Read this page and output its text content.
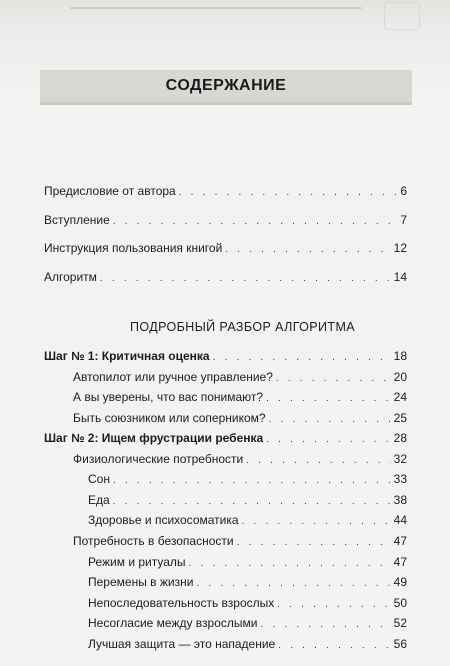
━━━━━━━━━━━━━━━━━━━━━━━━━━━━━━━━━━━━━━━━━━━━
СОДЕРЖАНИЕ
Предисловие от автора . . .	6
Вступление . . .	7
Инструкция пользования книгой . . .	12
Алгоритм . . .	14
Шаг № 1: Критичная оценка . . .	18
Автопилот или ручное управление? . . .	20
А вы уверены, что вас понимают? . . .	24
Быть союзником или соперником? . . .	25
Шаг № 2: Ищем фрустрации ребенка . . .	28
Физиологические потребности . . .	32
Сон . . .	33
Еда . . .	38
Здоровье и психосоматика . . .	44
Потребность в безопасности . . .	47
Режим и ритуалы . . .	47
Перемены в жизни . . .	49
Непоследовательность взрослых . . .	50
Несогласие между взрослыми . . .	52
Лучшая защита — это нападение . . .	56
ПОДРОБНЫЙ РАЗБОР АЛГОРИТМА
